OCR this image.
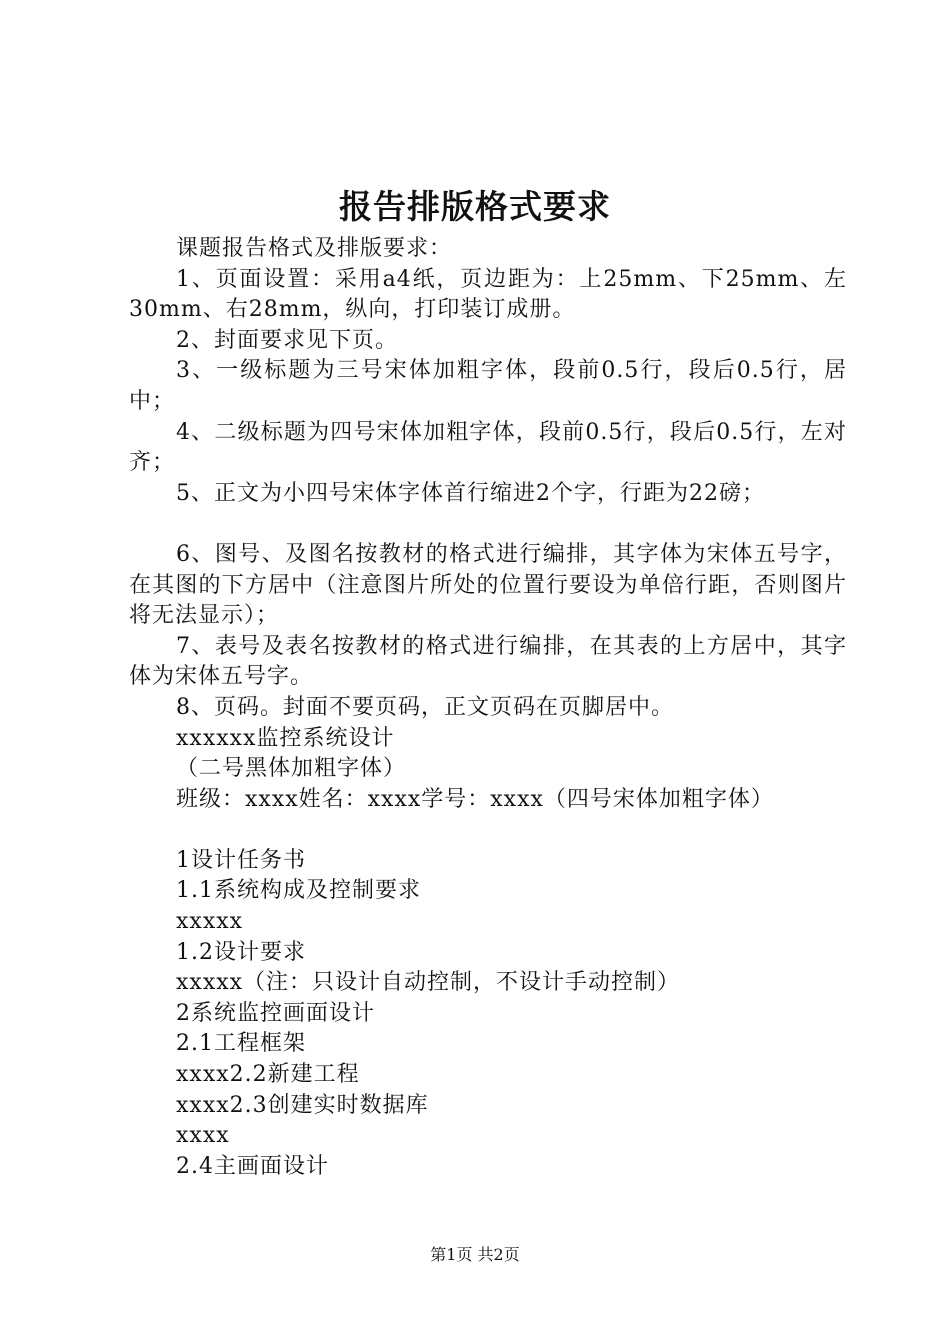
报告排版格式要求

课题报告格式及排版要求：

1、页面设置：采用a4纸，页边距为：上25mm、下25mm、左30mm、右28mm，纵向，打印装订成册。

2、封面要求见下页。

3、一级标题为三号宋体加粗字体，段前0.5行，段后0.5行，居中；

4、二级标题为四号宋体加粗字体，段前0.5行，段后0.5行，左对齐；

5、正文为小四号宋体字体首行缩进2个字，行距为22磅；

6、图号、及图名按教材的格式进行编排，其字体为宋体五号字，在其图的下方居中（注意图片所处的位置行要设为单倍行距，否则图片将无法显示）；

7、表号及表名按教材的格式进行编排，在其表的上方居中，其字体为宋体五号字。

8、页码。封面不要页码，正文页码在页脚居中。

xxxxxx监控系统设计

（二号黑体加粗字体）

班级：xxxx姓名：xxxx学号：xxxx（四号宋体加粗字体）

1设计任务书

1.1系统构成及控制要求

xxxxx

1.2设计要求

xxxxx（注：只设计自动控制，不设计手动控制）

2系统监控画面设计

2.1工程框架

xxxx2.2新建工程

xxxx2.3创建实时数据库

xxxx

2.4主画面设计

第1页 共2页
